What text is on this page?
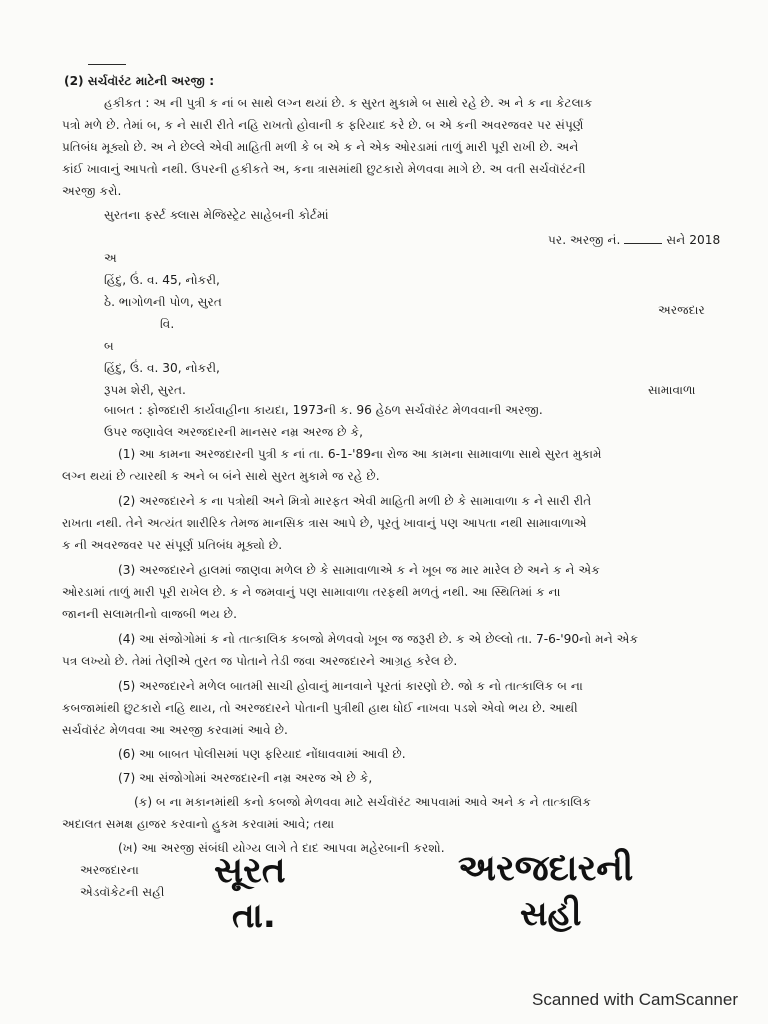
(2) સર્ચવૉરંટ માટેની અરજી :
હકીકત : અ ની પુત્રી ક નાં બ સાથે લગ્ન થયાં છે. ક સુરત મુકામે બ સાથે રહે છે. અ ને ક ના કેટલાક
પત્રો મળે છે. તેમાં બ, ક ને સારી રીતે નહિ રાખતો હોવાની ક ફરિયાદ કરે છે. બ એ કની અવરજવર પર સંપૂર્ણ
પ્રતિબંધ મૂક્યો છે. અ ને છેલ્લે એવી માહિતી મળી કે બ એ ક ને એક ઓરડામાં તાળું મારી પૂરી રાખી છે. અને
કાંઈ ખાવાનું આપતો નથી. ઉપરની હકીકતે અ, કના ત્રાસમાંથી છુટકારો મેળવવા માગે છે. અ વતી સર્ચવૉરંટની
અરજી કરો.
સુરતના ફર્સ્ટ ક્લાસ મેજિસ્ટ્રેટ સાહેબની કોર્ટમાં
પર. અરજી નં.	સને 2018
અ
હિંદુ, ઉં. વ. 45, નોકરી,
ઠે. ભાગોળની પોળ, સુરત
વિ.
અરજદાર
બ
હિંદુ, ઉં. વ. 30, નોકરી,
રૂપમ શેરી, સુરત.	સામાવાળા
બાબત : ફોજદારી કાર્યવાહીના કાયદા, 1973ની ક. 96 હેઠળ સર્ચવૉરંટ મેળવવાની અરજી.
ઉપર જણાવેલ અરજદારની માનસર નમ્ર અરજ છે કે,
(1) આ કામના અરજદારની પુત્રી ક નાં તા. 6-1-'89ના રોજ આ કામના સામાવાળા સાથે સુરત મુકામે
લગ્ન થયાં છે ત્યારથી ક અને બ બંને સાથે સુરત મુકામે જ રહે છે.
(2) અરજદારને ક ના પત્રોથી અને મિત્રો મારફત એવી માહિતી મળી છે કે સામાવાળા ક ને સારી રીતે
રાખતા નથી. તેને અત્યંત શારીરિક તેમજ માનસિક ત્રાસ આપે છે, પૂરતું ખાવાનું પણ આપતા નથી સામાવાળાએ
ક ની અવરજવર પર સંપૂર્ણ પ્રતિબંધ મૂક્યો છે.
(3) અરજદારને હાલમાં જાણવા મળેલ છે કે સામાવાળાએ ક ને ખૂબ જ માર મારેલ છે અને ક ને એક
ઓરડામાં તાળું મારી પૂરી રાખેલ છે. ક ને જમવાનું પણ સામાવાળા તરફથી મળતું નથી. આ સ્થિતિમાં ક ના
જાનની સલામતીનો વાજબી ભય છે.
(4) આ સંજોગોમાં ક નો તાત્કાલિક કબજો મેળવવો ખૂબ જ જરૂરી છે. ક એ છેલ્લો તા. 7-6-'90નો મને એક
પત્ર લખ્યો છે. તેમાં તેણીએ તુરત જ પોતાને તેડી જવા અરજદારને આગ્રહ કરેલ છે.
(5) અરજદારને મળેલ બાતમી સાચી હોવાનું માનવાને પૂરતાં કારણો છે. જો ક નો તાત્કાલિક બ ના
કબજામાંથી છુટકારો નહિ થાય, તો અરજદારને પોતાની પુત્રીથી હાથ ધોઈ નાખવા પડશે એવો ભય છે. આથી
સર્ચવૉરંટ મેળવવા આ અરજી કરવામાં આવે છે.
(6) આ બાબત પોલીસમાં પણ ફરિયાદ નોંધાવવામાં આવી છે.
(7) આ સંજોગોમાં અરજદારની નમ્ર અરજ એ છે કે,
(ક) બ ના મકાનમાંથી કનો કબજો મેળવવા માટે સર્ચવૉરંટ આપવામાં આવે અને ક ને તાત્કાલિક
અદાલત સમક્ષ હાજર કરવાનો હુકમ કરવામાં આવે; તથા
(ખ) આ અરજી સંબંધી યોગ્ય લાગે તે દાદ આપવા મહેરબાની કરશો.
અરજદારના
એડવૉકેટની સહી
સૂરત
તા.
અરજદારની
સહી
Scanned with CamScanner
